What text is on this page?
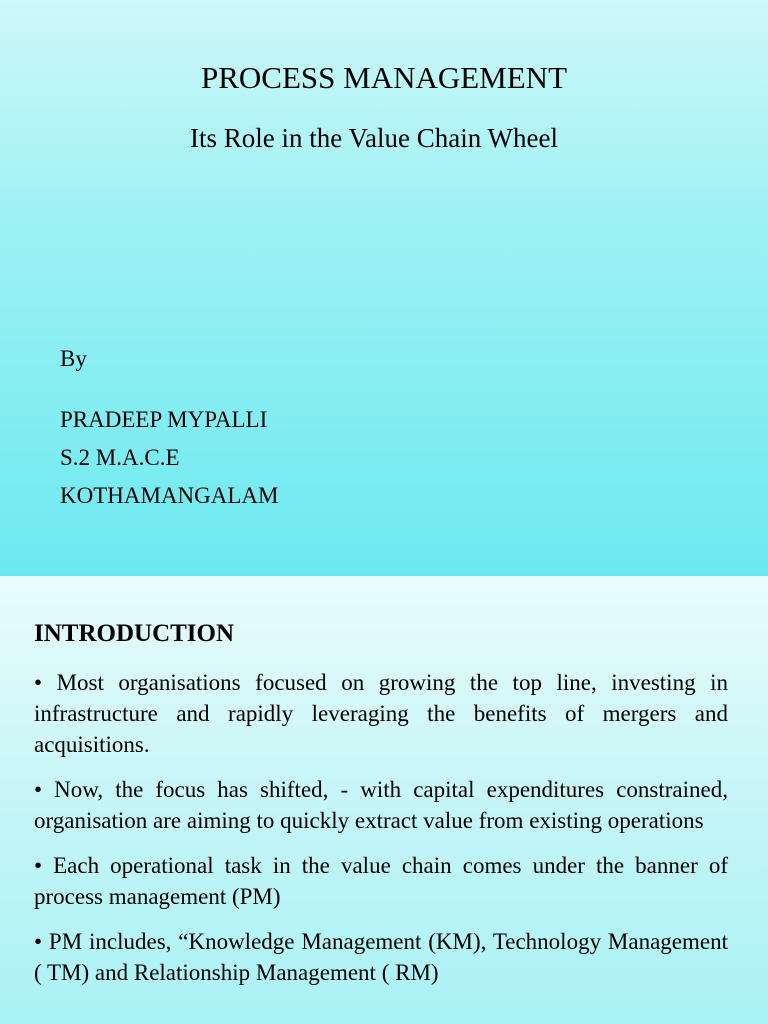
PROCESS MANAGEMENT
Its Role in the Value Chain Wheel
By
PRADEEP MYPALLI
S.2 M.A.C.E
KOTHAMANGALAM
INTRODUCTION
• Most organisations focused on growing the top line, investing in infrastructure and rapidly leveraging the benefits of mergers and acquisitions.
• Now, the focus has shifted, - with capital expenditures constrained, organisation are aiming to quickly extract value from existing operations
• Each operational task in the value chain comes under the banner of process management (PM)
• PM includes, “Knowledge Management (KM), Technology Management ( TM) and Relationship Management ( RM)
